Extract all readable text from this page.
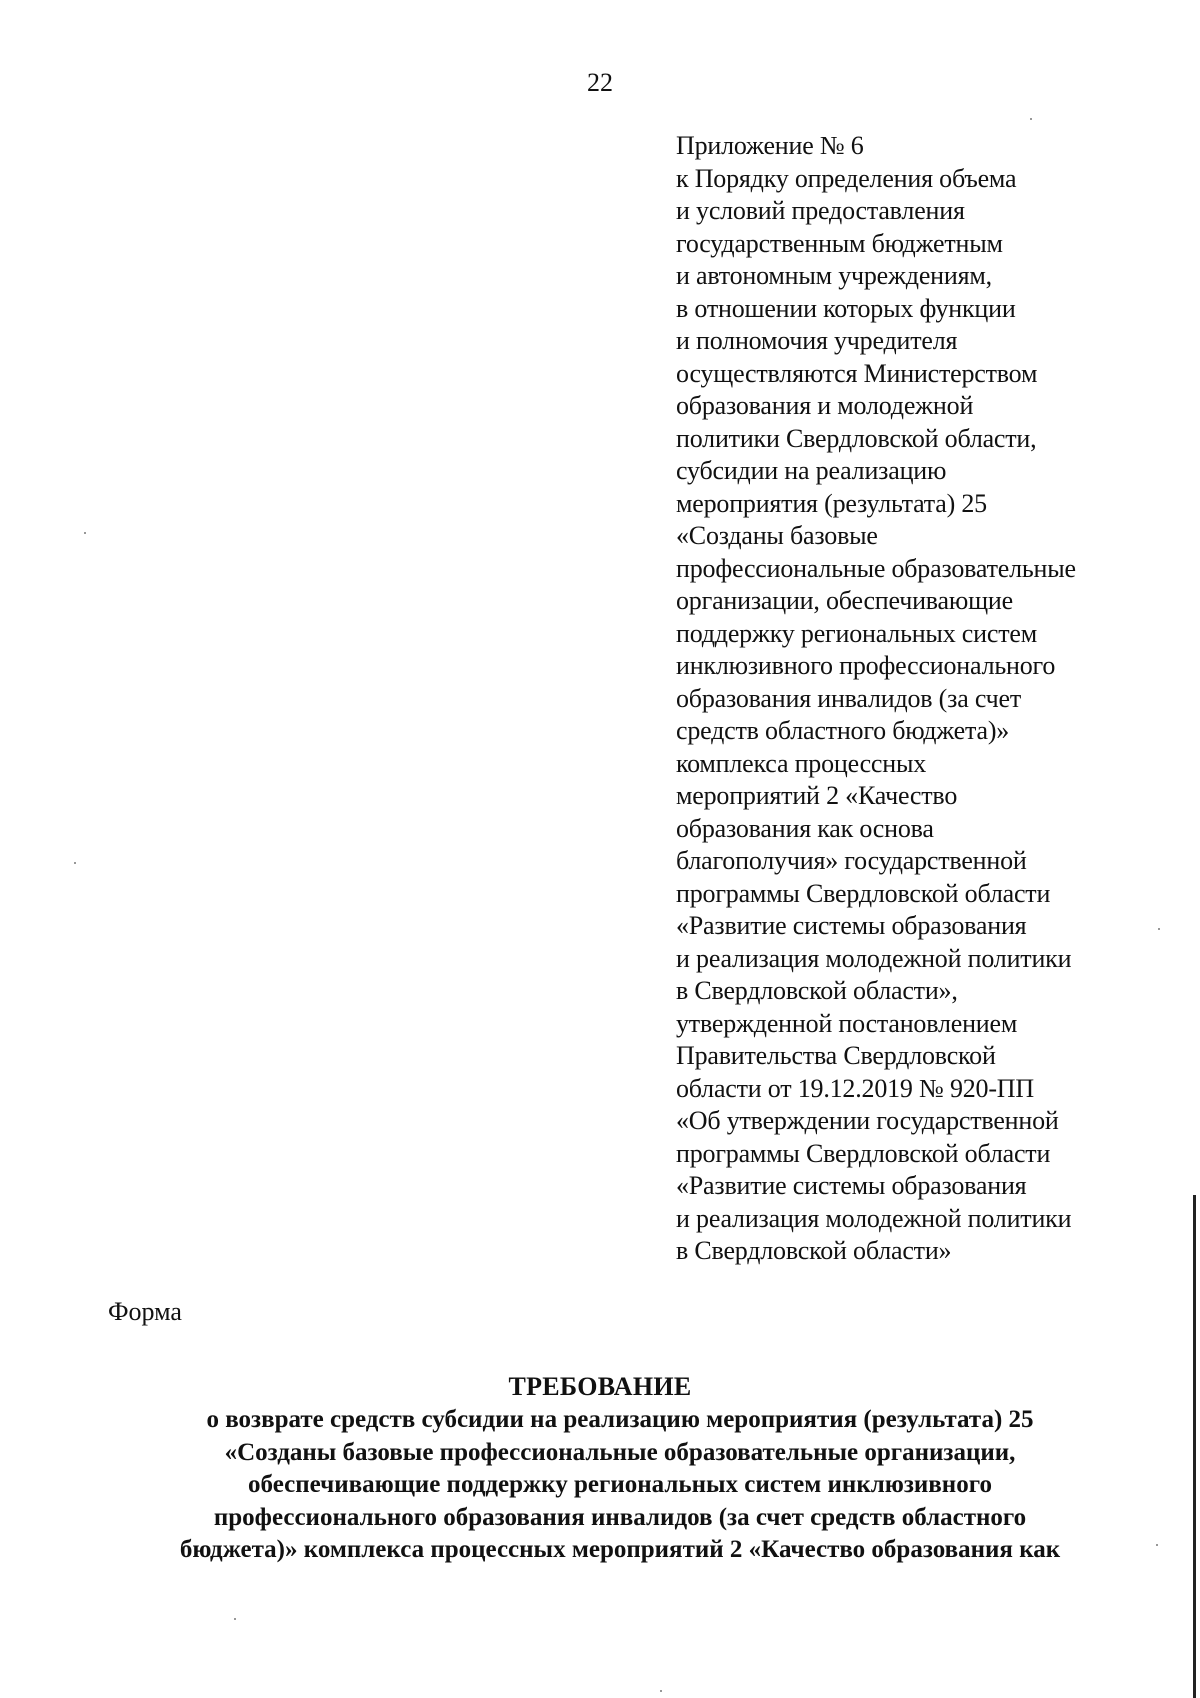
22
Приложение № 6
к Порядку определения объема
и условий предоставления
государственным бюджетным
и автономным учреждениям,
в отношении которых функции
и полномочия учредителя
осуществляются Министерством
образования и молодежной
политики Свердловской области,
субсидии на реализацию
мероприятия (результата) 25
«Созданы базовые
профессиональные образовательные
организации, обеспечивающие
поддержку региональных систем
инклюзивного профессионального
образования инвалидов (за счет
средств областного бюджета)»
комплекса процессных
мероприятий 2 «Качество
образования как основа
благополучия» государственной
программы Свердловской области
«Развитие системы образования
и реализация молодежной политики
в Свердловской области»,
утвержденной постановлением
Правительства Свердловской
области от 19.12.2019 № 920-ПП
«Об утверждении государственной
программы Свердловской области
«Развитие системы образования
и реализация молодежной политики
в Свердловской области»
Форма
ТРЕБОВАНИЕ
о возврате средств субсидии на реализацию мероприятия (результата) 25
«Созданы базовые профессиональные образовательные организации,
обеспечивающие поддержку региональных систем инклюзивного
профессионального образования инвалидов (за счет средств областного
бюджета)» комплекса процессных мероприятий 2 «Качество образования как
